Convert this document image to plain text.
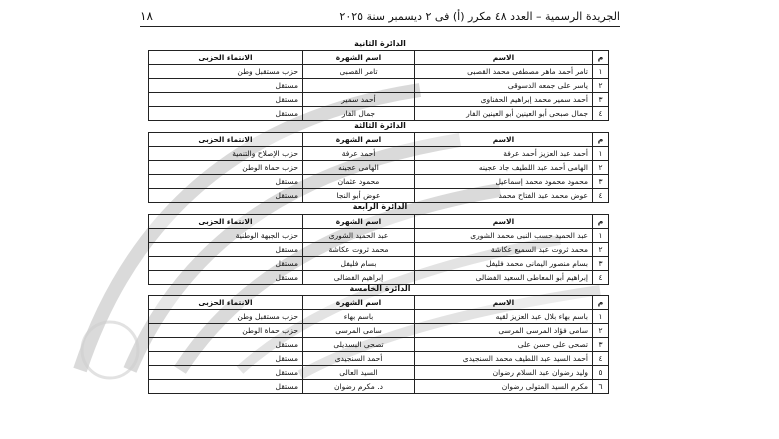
الجريدة الرسمية – العدد ٤٨ مكرر (أ) فى ٢ ديسمبر سنة ٢٠٢٥
١٨
الدائرة الثانية
م	الاسم	اسم الشهرة	الانتماء الحزبى
١	تامر أحمد ماهر مصطفى محمد القصبى	تامر القصبى	حزب مستقبل وطن
٢	ياسر على جمعه الدسوقى		مستقل
٣	أحمد سمير محمد إبراهيم الحفناوى	أحمد سمير	مستقل
٤	جمال صبحى أبو العينين أبو العينين الفار	جمال الفار	مستقل
الدائرة الثالثة
م	الاسم	اسم الشهرة	الانتماء الحزبى
١	أحمد عبد العزيز أحمد عرفة	أحمد عرفة	حزب الإصلاح والتنمية
٢	الهامى أحمد عبد اللطيف جاد عجينه	الهامى عجينه	حزب حماة الوطن
٣	محمود محمود محمد إسماعيل	محمود عثمان	مستقل
٤	عوض محمد عبد الفتاح محمد	عوض أبو النجا	مستقل
الدائرة الرابعة
م	الاسم	اسم الشهرة	الانتماء الحزبى
١	عبد الحميد حسب النبى محمد الشورى	عبد الحميد الشورى	حزب الجبهة الوطنية
٢	محمد ثروت عبد السميع عكاشة	محمد ثروت عكاشة	مستقل
٣	بسام منصور اليمانى محمد فليفل	بسام فليفل	مستقل
٤	إبراهيم أبو المعاطى السعيد الفضالى	إبراهيم الفضالى	مستقل
الدائرة الخامسة
م	الاسم	اسم الشهرة	الانتماء الحزبى
١	باسم بهاء بلال عبد العزيز لقيه	باسم بهاء	حزب مستقبل وطن
٢	سامى فؤاد المرسى المرسى	سامى المرسى	حزب حماة الوطن
٣	تصحى على حسن على	تصحى البسديلى	مستقل
٤	أحمد السيد عبد اللطيف محمد السنجيدى	أحمد السنجيدى	مستقل
٥	وليد رضوان عبد السلام رضوان	السيد العالى	مستقل
٦	مكرم السيد المتولى رضوان	د. مكرم رضوان	مستقل
